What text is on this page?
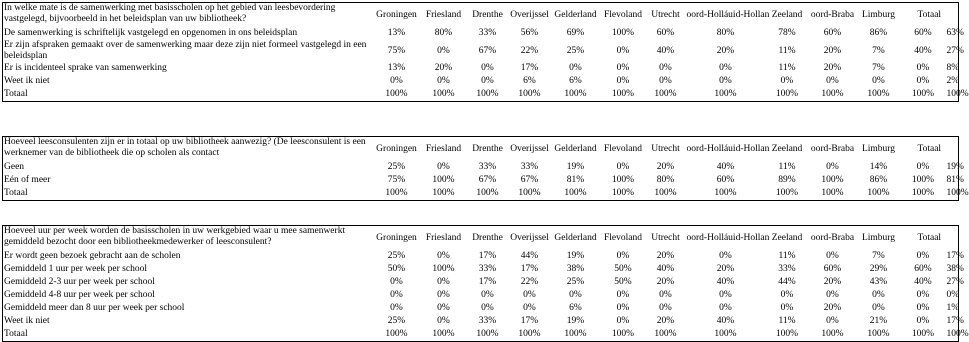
In welke mate is de samenwerking met basisscholen op het gebied van leesbevordering vastgelegd, bijvoorbeeld in het beleidsplan van uw bibliotheek?	Groningen	Friesland	Drenthe	Overijssel	Gelderland	Flevoland	Utrecht	oord-Holláuid-Hollan	Zeeland	oord-Braba	Limburg	Totaal	
De samenwerking is schriftelijk vastgelegd en opgenomen in ons beleidsplan	13%	80%	33%	56%	69%	100%	60%	80%	78%	60%	86%	60%	63%
Er zijn afspraken gemaakt over de samenwerking maar deze zijn niet formeel vastgelegd in een beleidsplan	75%	0%	67%	22%	25%	0%	40%	20%	11%	20%	7%	40%	27%
Er is incidenteel sprake van samenwerking	13%	20%	0%	17%	0%	0%	0%	0%	11%	20%	7%	0%	8%
Weet ik niet	0%	0%	0%	6%	6%	0%	0%	0%	0%	0%	0%	0%	2%
Totaal	100%	100%	100%	100%	100%	100%	100%	100%	100%	100%	100%	100%	100%
Hoeveel leesconsulenten zijn er in totaal op uw bibliotheek aanwezig? (De leesconsulent is een werknemer van de bibliotheek die op scholen als contact	Groningen	Friesland	Drenthe	Overijssel	Gelderland	Flevoland	Utrecht	oord-Holláuid-Hollan	Zeeland	oord-Braba	Limburg	Totaal	
Geen	25%	0%	33%	33%	19%	0%	20%	40%	11%	0%	14%	0%	19%
Eén of meer	75%	100%	67%	67%	81%	100%	80%	60%	89%	100%	86%	100%	81%
Totaal	100%	100%	100%	100%	100%	100%	100%	100%	100%	100%	100%	100%	100%
Hoeveel uur per week worden de basisscholen in uw werkgebied waar u mee samenwerkt gemiddeld bezocht door een bibliotheekmedewerker of leesconsulent?	Groningen	Friesland	Drenthe	Overijssel	Gelderland	Flevoland	Utrecht	oord-Holláuid-Hollan	Zeeland	oord-Braba	Limburg	Totaal	
Er wordt geen bezoek gebracht aan de scholen	25%	0%	17%	44%	19%	0%	20%	0%	11%	0%	7%	0%	17%
Gemiddeld 1 uur per week per school	50%	100%	33%	17%	38%	50%	40%	20%	33%	60%	29%	60%	38%
Gemiddeld 2-3 uur per week per school	0%	0%	17%	22%	25%	50%	20%	40%	44%	20%	43%	40%	27%
Gemiddeld 4-8 uur per week per school	0%	0%	0%	0%	0%	0%	0%	0%	0%	0%	0%	0%	0%
Gemiddeld meer dan 8 uur per week per school	0%	0%	0%	0%	6%	0%	0%	0%	0%	20%	0%	0%	1%
Weet ik niet	25%	0%	33%	17%	19%	0%	20%	40%	11%	0%	21%	0%	17%
Totaal	100%	100%	100%	100%	100%	100%	100%	100%	100%	100%	100%	100%	100%
